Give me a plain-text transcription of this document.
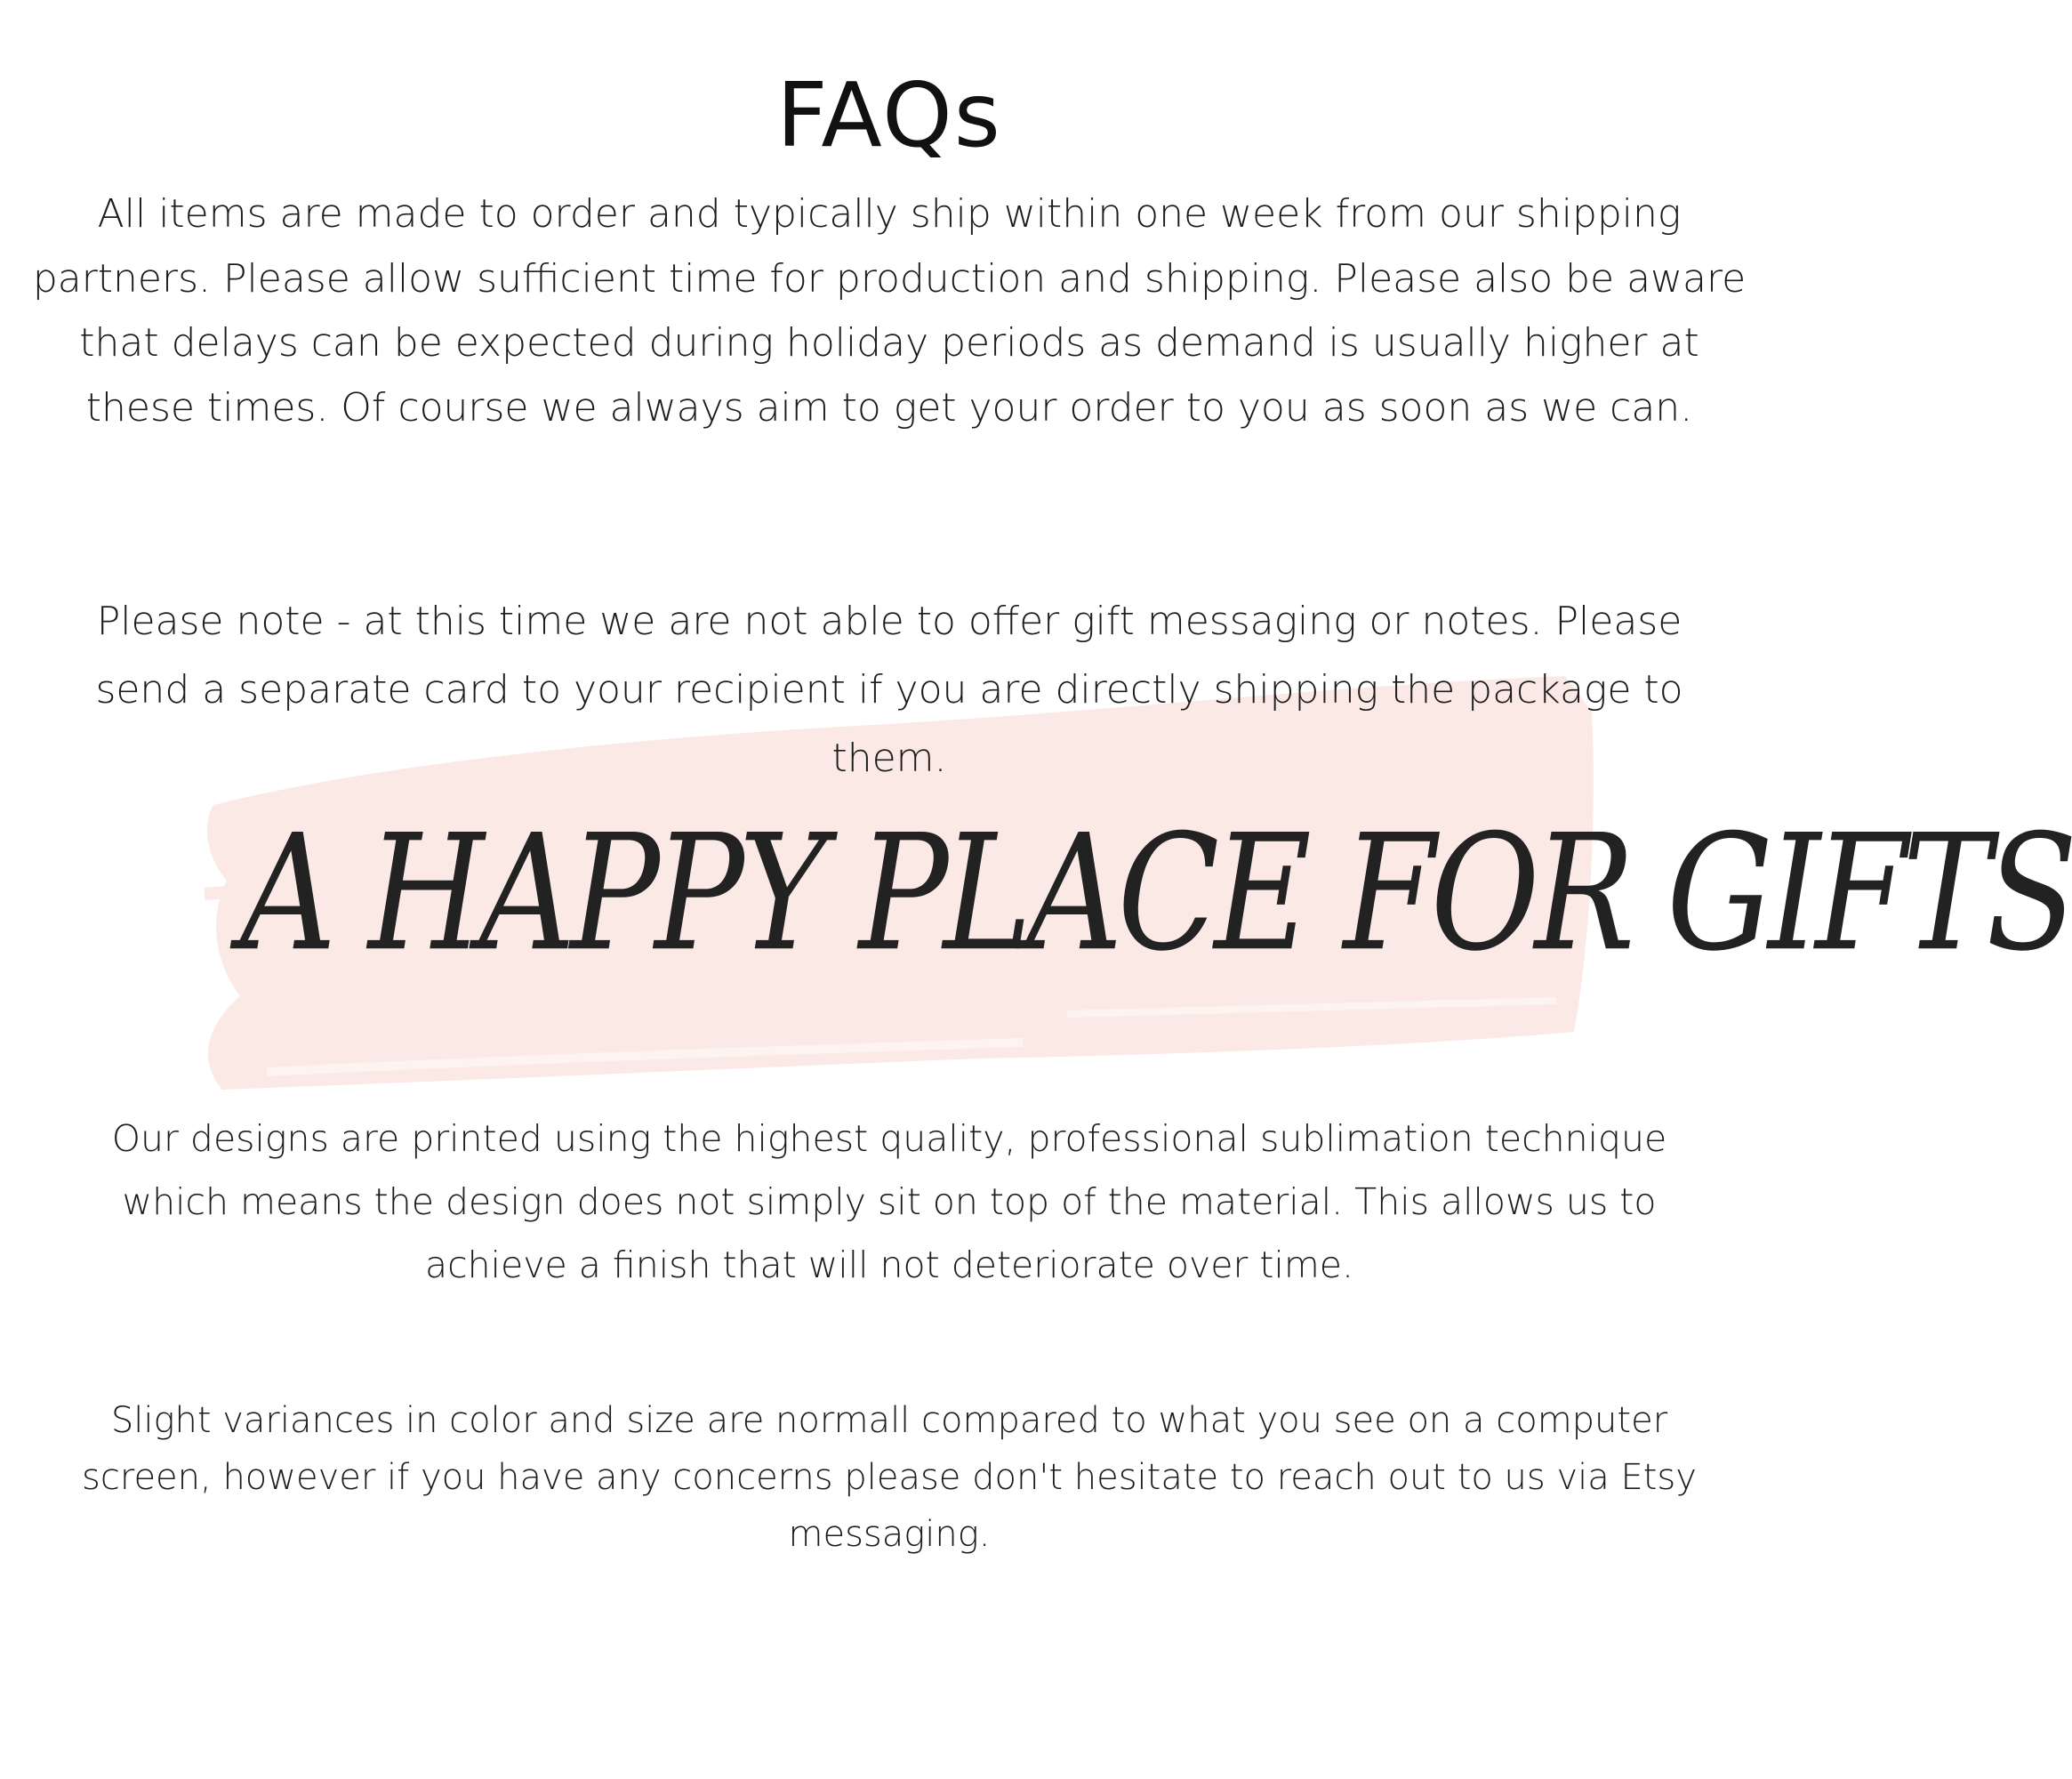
FAQs
All items are made to order and typically ship within one week from our shipping partners. Please allow sufficient time for production and shipping. Please also be aware that delays can be expected during holiday periods as demand is usually higher at these times. Of course we always aim to get your order to you as soon as we can.
Please note - at this time we are not able to offer gift messaging or notes. Please send a separate card to your recipient if you are directly shipping the package to them.
A HAPPY PLACE FOR GIFTS
Our designs are printed using the highest quality, professional sublimation technique which means the design does not simply sit on top of the material. This allows us to achieve a finish that will not deteriorate over time.
Slight variances in color and size are normall compared to what you see on a computer screen, however if you have any concerns please don't hesitate to reach out to us via Etsy messaging.
